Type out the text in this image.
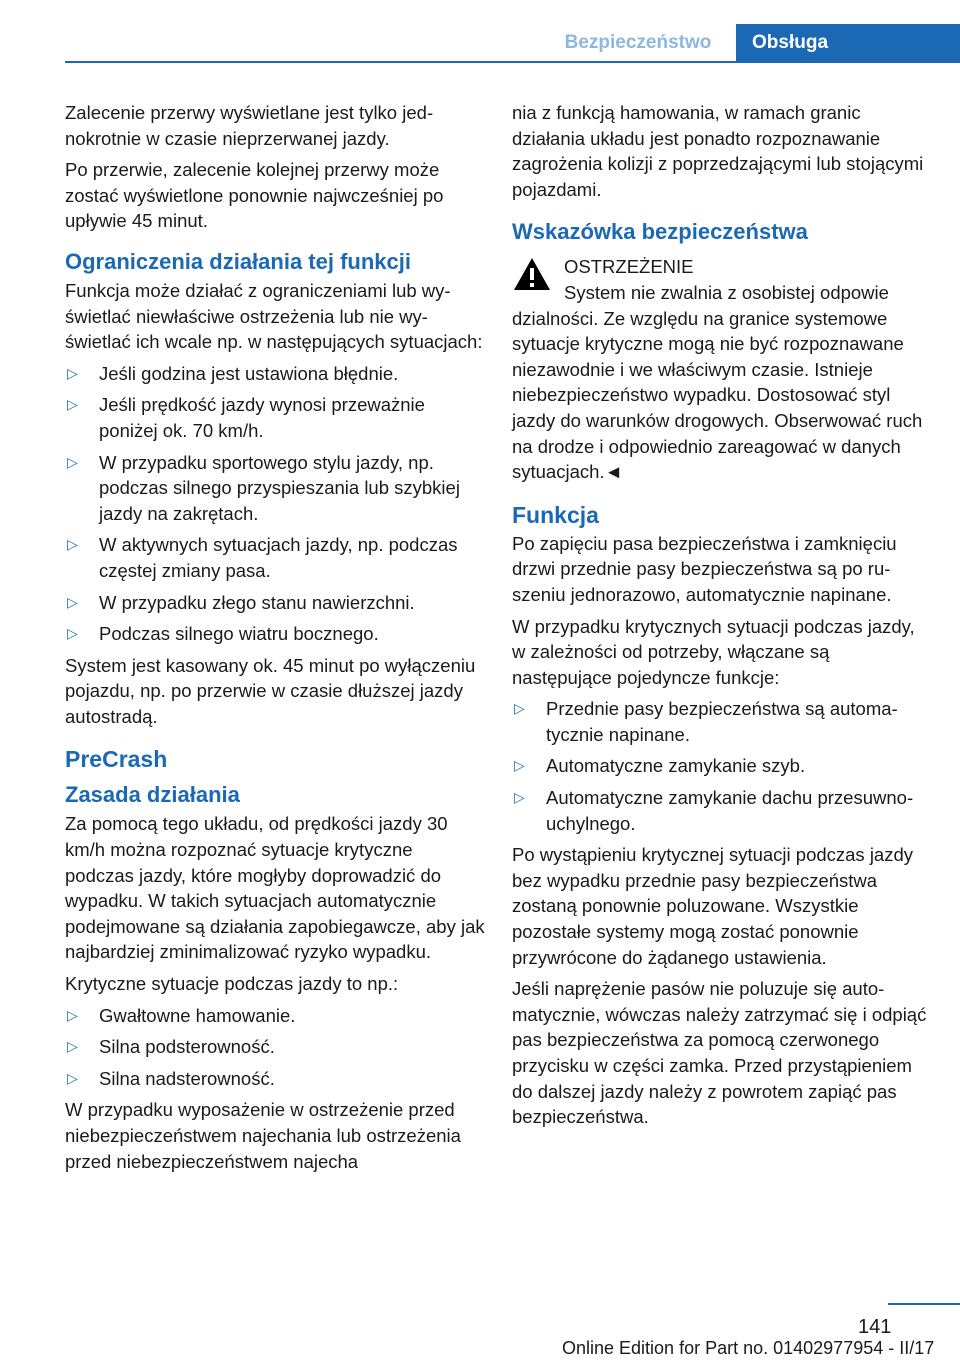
Bezpieczeństwo	Obsługa

Zalecenie przerwy wyświetlane jest tylko jednokrotnie w czasie nieprzerwanej jazdy.

Po przerwie, zalecenie kolejnej przerwy może zostać wyświetlone ponownie najwcześniej po upływie 45 minut.

Ograniczenia działania tej funkcji

Funkcja może działać z ograniczeniami lub wyświetlać niewłaściwe ostrzeżenia lub nie wyświetlać ich wcale np. w następujących sytuacjach:

▷ Jeśli godzina jest ustawiona błędnie.
▷ Jeśli prędkość jazdy wynosi przeważnie poniżej ok. 70 km/h.
▷ W przypadku sportowego stylu jazdy, np. podczas silnego przyspieszania lub szybkiej jazdy na zakrętach.
▷ W aktywnych sytuacjach jazdy, np. podczas częstej zmiany pasa.
▷ W przypadku złego stanu nawierzchni.
▷ Podczas silnego wiatru bocznego.

System jest kasowany ok. 45 minut po wyłączeniu pojazdu, np. po przerwie w czasie dłuższej jazdy autostradą.

PreCrash
Zasada działania

Za pomocą tego układu, od prędkości jazdy 30 km/h można rozpoznać sytuacje krytyczne podczas jazdy, które mogłyby doprowadzić do wypadku. W takich sytuacjach automatycznie podejmowane są działania zapobiegawcze, aby jak najbardziej zminimalizować ryzyko wypadku.

Krytyczne sytuacje podczas jazdy to np.:

▷ Gwałtowne hamowanie.
▷ Silna podsterowność.
▷ Silna nadsterowność.

W przypadku wyposażenie w ostrzeżenie przed niebezpieczeństwem najechania lub ostrzeżenia przed niebezpieczeństwem najecha

nia z funkcją hamowania, w ramach granic działania układu jest ponadto rozpoznawanie zagrożenia kolizji z poprzedzającymi lub stojącymi pojazdami.

Wskazówka bezpieczeństwa
OSTRZEŻENIE
System nie zwalnia z osobistej odpowie

dzialności. Ze względu na granice systemowe sytuacje krytyczne mogą nie być rozpoznawane niezawodnie i we właściwym czasie. Istnieje niebezpieczeństwo wypadku. Dostosować styl jazdy do warunków drogowych. Obserwować ruch na drodze i odpowiednio zareagować w danych sytuacjach.◄

Funkcja

Po zapięciu pasa bezpieczeństwa i zamknięciu drzwi przednie pasy bezpieczeństwa są po ruszeniu jednorazowo, automatycznie napinane.

W przypadku krytycznych sytuacji podczas jazdy, w zależności od potrzeby, włączane są następujące pojedyncze funkcje:

▷ Przednie pasy bezpieczeństwa są automatycznie napinane.
▷ Automatyczne zamykanie szyb.
▷ Automatyczne zamykanie dachu przesuwno-uchylnego.

Po wystąpieniu krytycznej sytuacji podczas jazdy bez wypadku przednie pasy bezpieczeństwa zostaną ponownie poluzowane. Wszystkie pozostałe systemy mogą zostać ponownie przywrócone do żądanego ustawienia.

Jeśli naprężenie pasów nie poluzuje się automatycznie, wówczas należy zatrzymać się i odpiąć pas bezpieczeństwa za pomocą czerwonego przycisku w części zamka. Przed przystąpieniem do dalszej jazdy należy z powrotem zapiąć pas bezpieczeństwa.

141
Online Edition for Part no. 01402977954 - II/17
